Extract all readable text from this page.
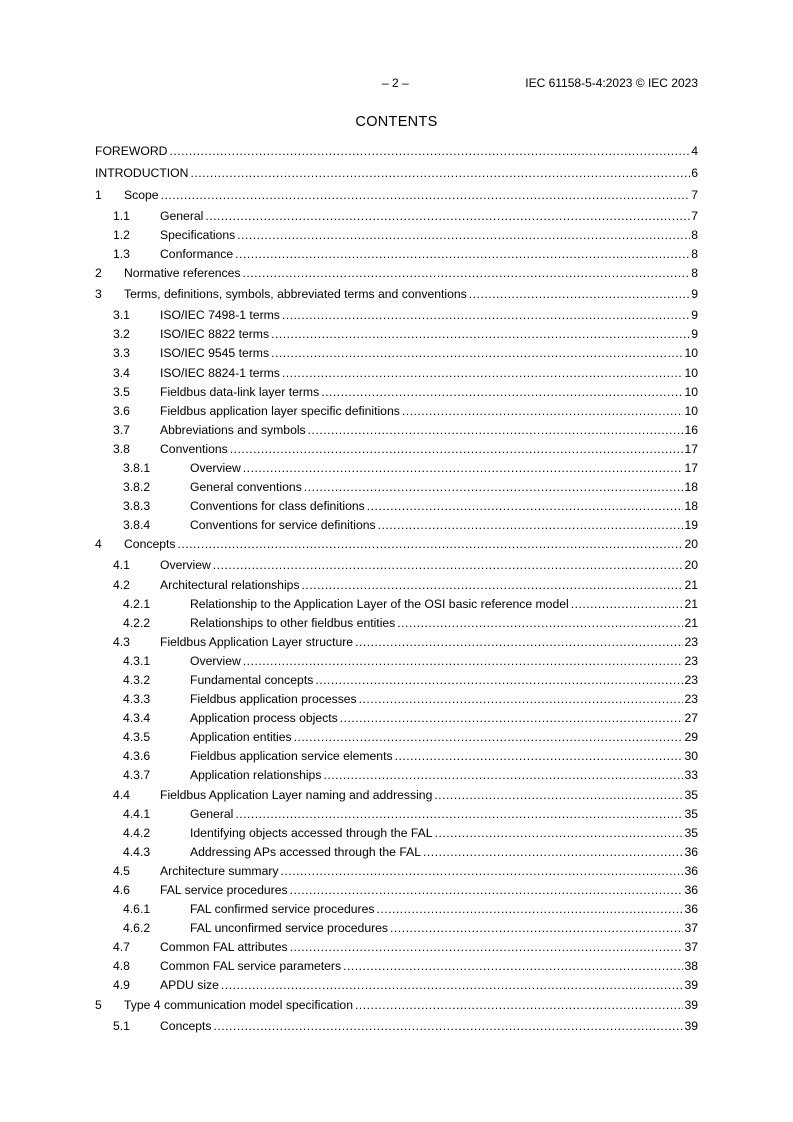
– 2 –	IEC 61158-5-4:2023 © IEC 2023
CONTENTS
FOREWORD .....	4
INTRODUCTION .....	6
1	Scope .....	7
1.1	General .....	7
1.2	Specifications .....	8
1.3	Conformance .....	8
2	Normative references .....	8
3	Terms, definitions, symbols, abbreviated terms and conventions .....	9
3.1	ISO/IEC 7498-1 terms .....	9
3.2	ISO/IEC 8822 terms .....	9
3.3	ISO/IEC 9545 terms .....	10
3.4	ISO/IEC 8824-1 terms .....	10
3.5	Fieldbus data-link layer terms .....	10
3.6	Fieldbus application layer specific definitions .....	10
3.7	Abbreviations and symbols .....	16
3.8	Conventions .....	17
3.8.1	Overview .....	17
3.8.2	General conventions .....	18
3.8.3	Conventions for class definitions .....	18
3.8.4	Conventions for service definitions .....	19
4	Concepts .....	20
4.1	Overview .....	20
4.2	Architectural relationships .....	21
4.2.1	Relationship to the Application Layer of the OSI basic reference model .....	21
4.2.2	Relationships to other fieldbus entities .....	21
4.3	Fieldbus Application Layer structure .....	23
4.3.1	Overview .....	23
4.3.2	Fundamental concepts .....	23
4.3.3	Fieldbus application processes .....	23
4.3.4	Application process objects .....	27
4.3.5	Application entities .....	29
4.3.6	Fieldbus application service elements .....	30
4.3.7	Application relationships .....	33
4.4	Fieldbus Application Layer naming and addressing .....	35
4.4.1	General .....	35
4.4.2	Identifying objects accessed through the FAL .....	35
4.4.3	Addressing APs accessed through the FAL .....	36
4.5	Architecture summary .....	36
4.6	FAL service procedures .....	36
4.6.1	FAL confirmed service procedures .....	36
4.6.2	FAL unconfirmed service procedures .....	37
4.7	Common FAL attributes .....	37
4.8	Common FAL service parameters .....	38
4.9	APDU size .....	39
5	Type 4 communication model specification .....	39
5.1	Concepts .....	39
